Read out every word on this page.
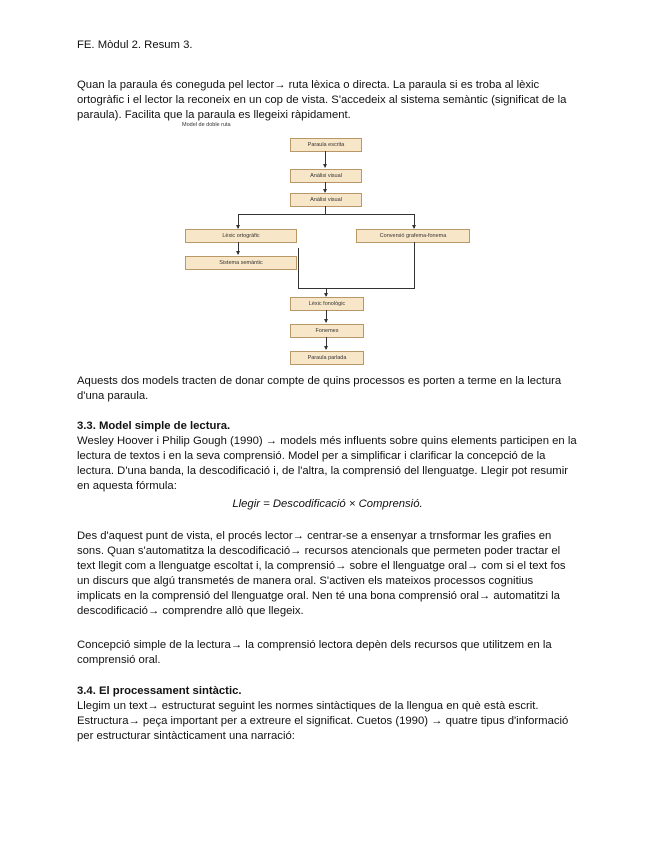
FE. Mòdul 2. Resum 3.

Quan la paraula és coneguda pel lector→ ruta lèxica o directa. La paraula si es troba al lèxic ortogràfic i el lector la reconeix en un cop de vista. S'accedeix al sistema semàntic (significat de la paraula). Facilita que la paraula es llegeixi ràpidament.

Model de doble ruta
Paraula escrita
Anàlisi visual
Anàlisi visual
Lèxic ortogràfic
Sistema semàntic
Conversió grafema-fonema
Lèxic fonològic
Fonemes
Paraula parlada

Aquests dos models tracten de donar compte de quins processos es porten a terme en la lectura d'una paraula.

3.3. Model simple de lectura.

Wesley Hoover i Philip Gough (1990) → models més influents sobre quins elements participen en la lectura de textos i en la seva comprensió. Model per a simplificar i clarificar la concepció de la lectura. D'una banda, la descodificació i, de l'altra, la comprensió del llenguatge. Llegir pot resumir en aquesta fórmula:

Llegir = Descodificació × Comprensió.

Des d'aquest punt de vista, el procés lector→ centrar-se a ensenyar a trnsformar les grafies en sons. Quan s'automatitza la descodificació→ recursos atencionals que permeten poder tractar el text llegit com a llenguatge escoltat i, la comprensió→ sobre el llenguatge oral→ com si el text fos un discurs que algú transmetés de manera oral. S'activen els mateixos processos cognitius implicats en la comprensió del llenguatge oral. Nen té una bona comprensió oral→ automatitzi la descodificació→ comprendre allò que llegeix.

Concepció simple de la lectura→ la comprensió lectora depèn dels recursos que utilitzem en la comprensió oral.

3.4. El processament sintàctic.

Llegim un text→ estructurat seguint les normes sintàctiques de la llengua en què està escrit. Estructura→ peça important per a extreure el significat. Cuetos (1990) → quatre tipus d'informació per estructurar sintàcticament una narració:
